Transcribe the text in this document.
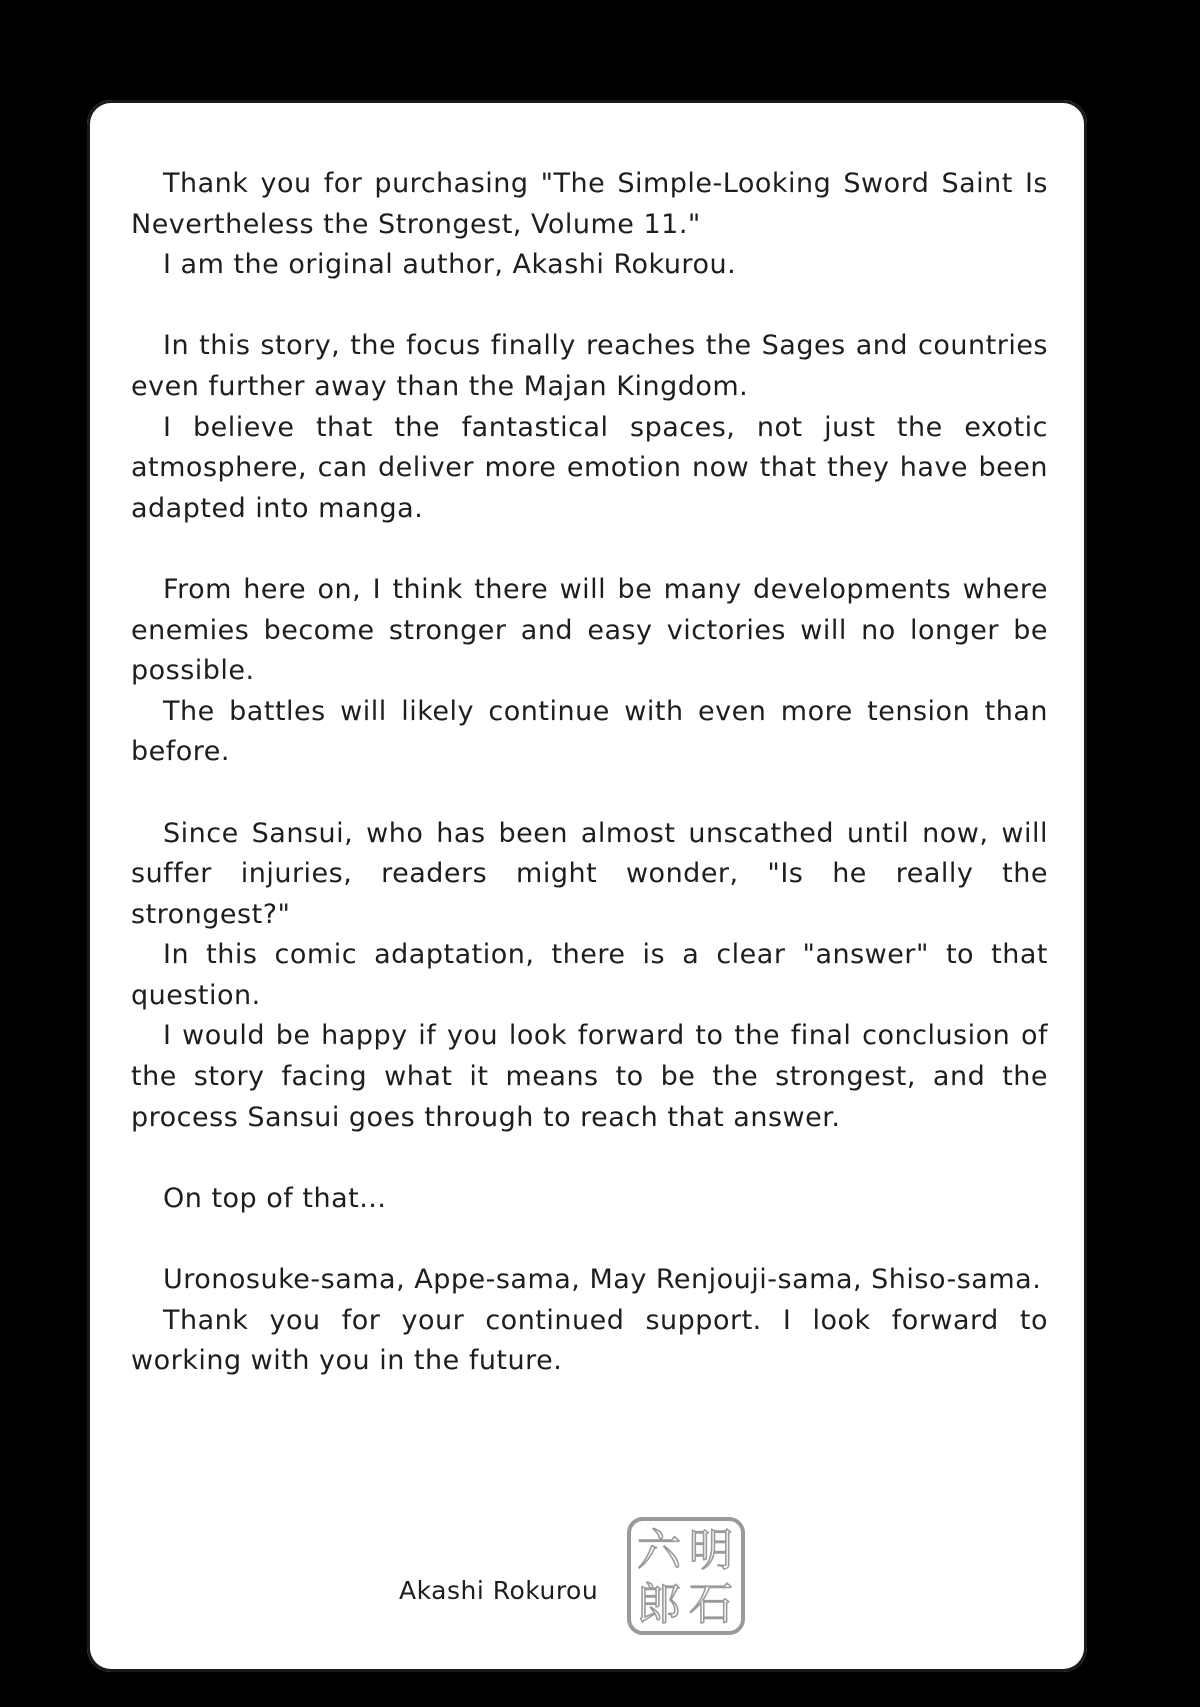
Thank you for purchasing "The Simple-Looking Sword Saint Is Nevertheless the Strongest, Volume 11."
I am the original author, Akashi Rokurou.

In this story, the focus finally reaches the Sages and countries even further away than the Majan Kingdom.
I believe that the fantastical spaces, not just the exotic atmosphere, can deliver more emotion now that they have been adapted into manga.

From here on, I think there will be many developments where enemies become stronger and easy victories will no longer be possible.
The battles will likely continue with even more tension than before.

Since Sansui, who has been almost unscathed until now, will suffer injuries, readers might wonder, "Is he really the strongest?"
In this comic adaptation, there is a clear "answer" to that question.
I would be happy if you look forward to the final conclusion of the story facing what it means to be the strongest, and the process Sansui goes through to reach that answer.

On top of that...

Uronosuke-sama, Appe-sama, May Renjouji-sama, Shiso-sama.
Thank you for your continued support. I look forward to working with you in the future.

Akashi Rokurou
明
石
六
郎
